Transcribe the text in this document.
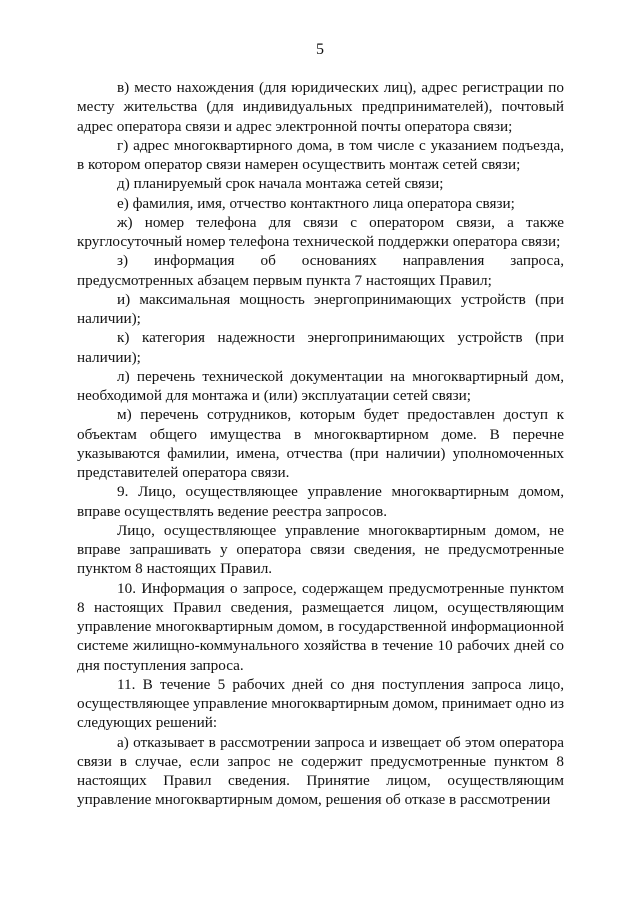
5

в) место нахождения (для юридических лиц), адрес регистрации по месту жительства (для индивидуальных предпринимателей), почтовый адрес оператора связи и адрес электронной почты оператора связи;

г) адрес многоквартирного дома, в том числе с указанием подъезда, в котором оператор связи намерен осуществить монтаж сетей связи;

д) планируемый срок начала монтажа сетей связи;

е) фамилия, имя, отчество контактного лица оператора связи;

ж) номер телефона для связи с оператором связи, а также круглосуточный номер телефона технической поддержки оператора связи;

з) информация об основаниях направления запроса, предусмотренных абзацем первым пункта 7 настоящих Правил;

и) максимальная мощность энергопринимающих устройств (при наличии);

к) категория надежности энергопринимающих устройств (при наличии);

л) перечень технической документации на многоквартирный дом, необходимой для монтажа и (или) эксплуатации сетей связи;

м) перечень сотрудников, которым будет предоставлен доступ к объектам общего имущества в многоквартирном доме. В перечне указываются фамилии, имена, отчества (при наличии) уполномоченных представителей оператора связи.

9. Лицо, осуществляющее управление многоквартирным домом, вправе осуществлять ведение реестра запросов.

Лицо, осуществляющее управление многоквартирным домом, не вправе запрашивать у оператора связи сведения, не предусмотренные пунктом 8 настоящих Правил.

10. Информация о запросе, содержащем предусмотренные пунктом 8 настоящих Правил сведения, размещается лицом, осуществляющим управление многоквартирным домом, в государственной информационной системе жилищно-коммунального хозяйства в течение 10 рабочих дней со дня поступления запроса.

11. В течение 5 рабочих дней со дня поступления запроса лицо, осуществляющее управление многоквартирным домом, принимает одно из следующих решений:

а) отказывает в рассмотрении запроса и извещает об этом оператора связи в случае, если запрос не содержит предусмотренные пунктом 8 настоящих Правил сведения. Принятие лицом, осуществляющим управление многоквартирным домом, решения об отказе в рассмотрении
